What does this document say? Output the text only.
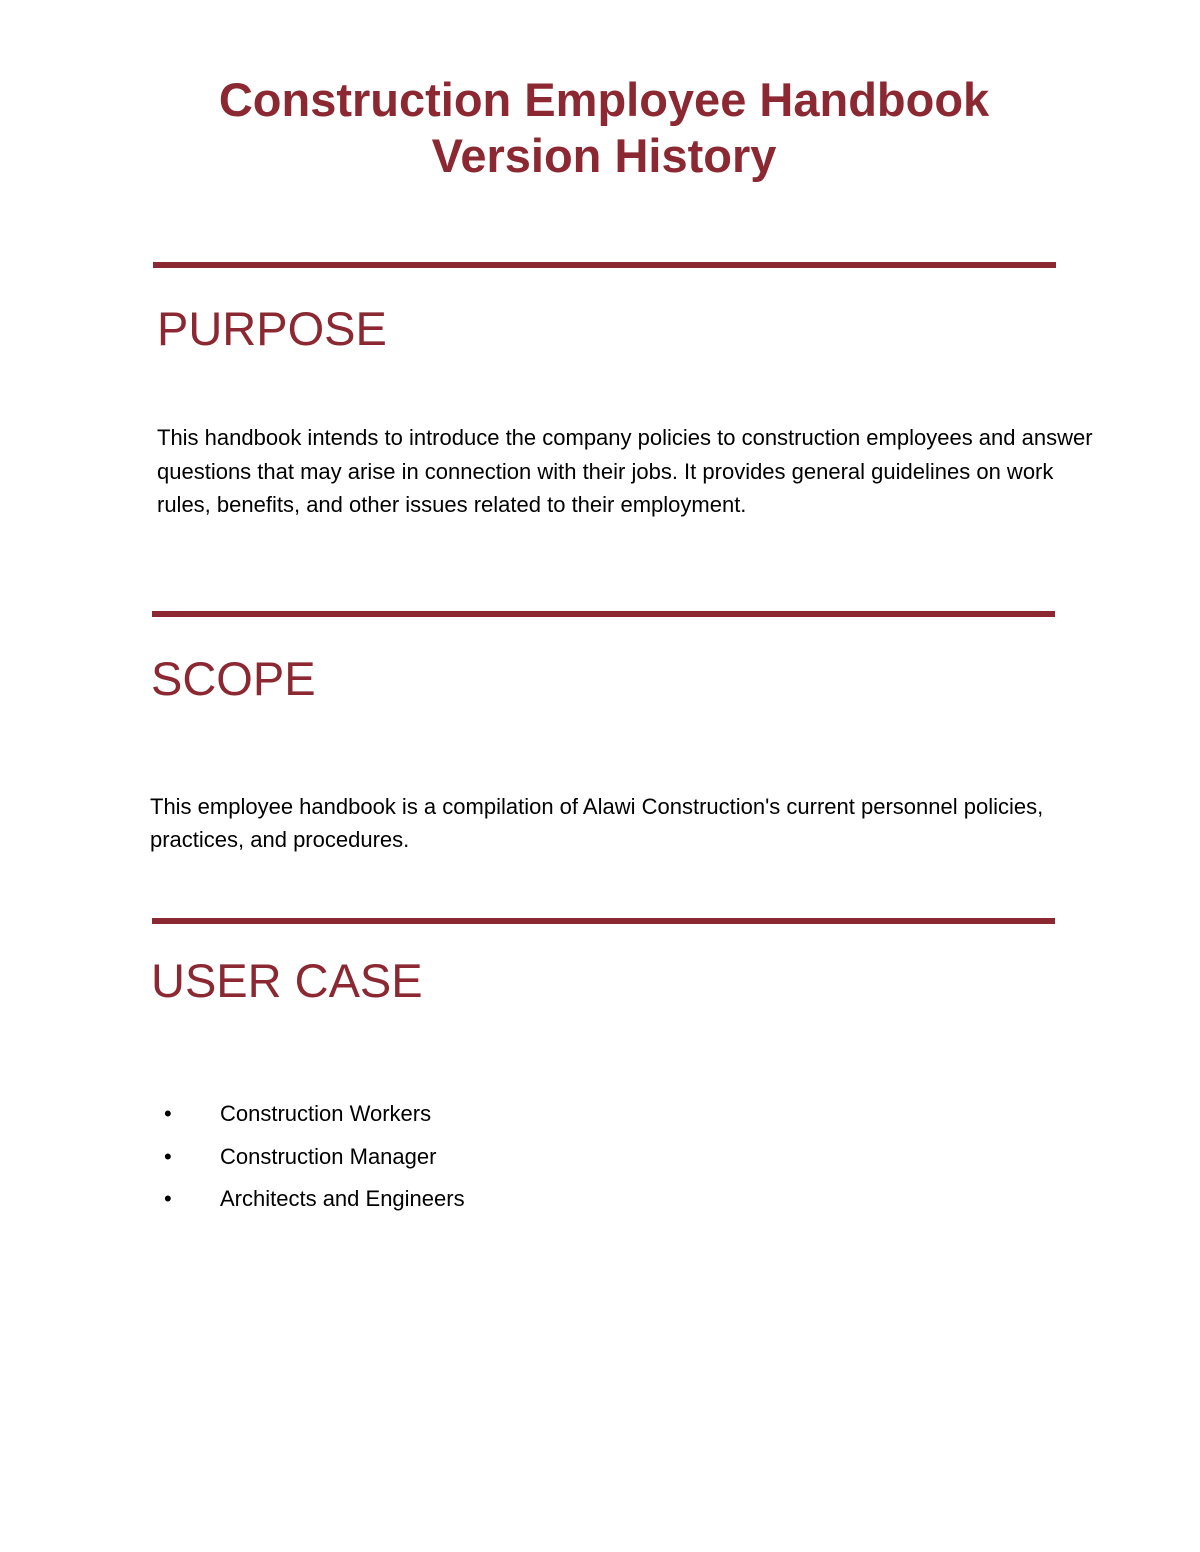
Construction Employee Handbook
Version History
PURPOSE

This handbook intends to introduce the company policies to construction employees and answer questions that may arise in connection with their jobs. It provides general guidelines on work rules, benefits, and other issues related to their employment.

SCOPE

This employee handbook is a compilation of Alawi Construction's current personnel policies, practices, and procedures.

USER CASE
• Construction Workers
• Construction Manager
• Architects and Engineers
